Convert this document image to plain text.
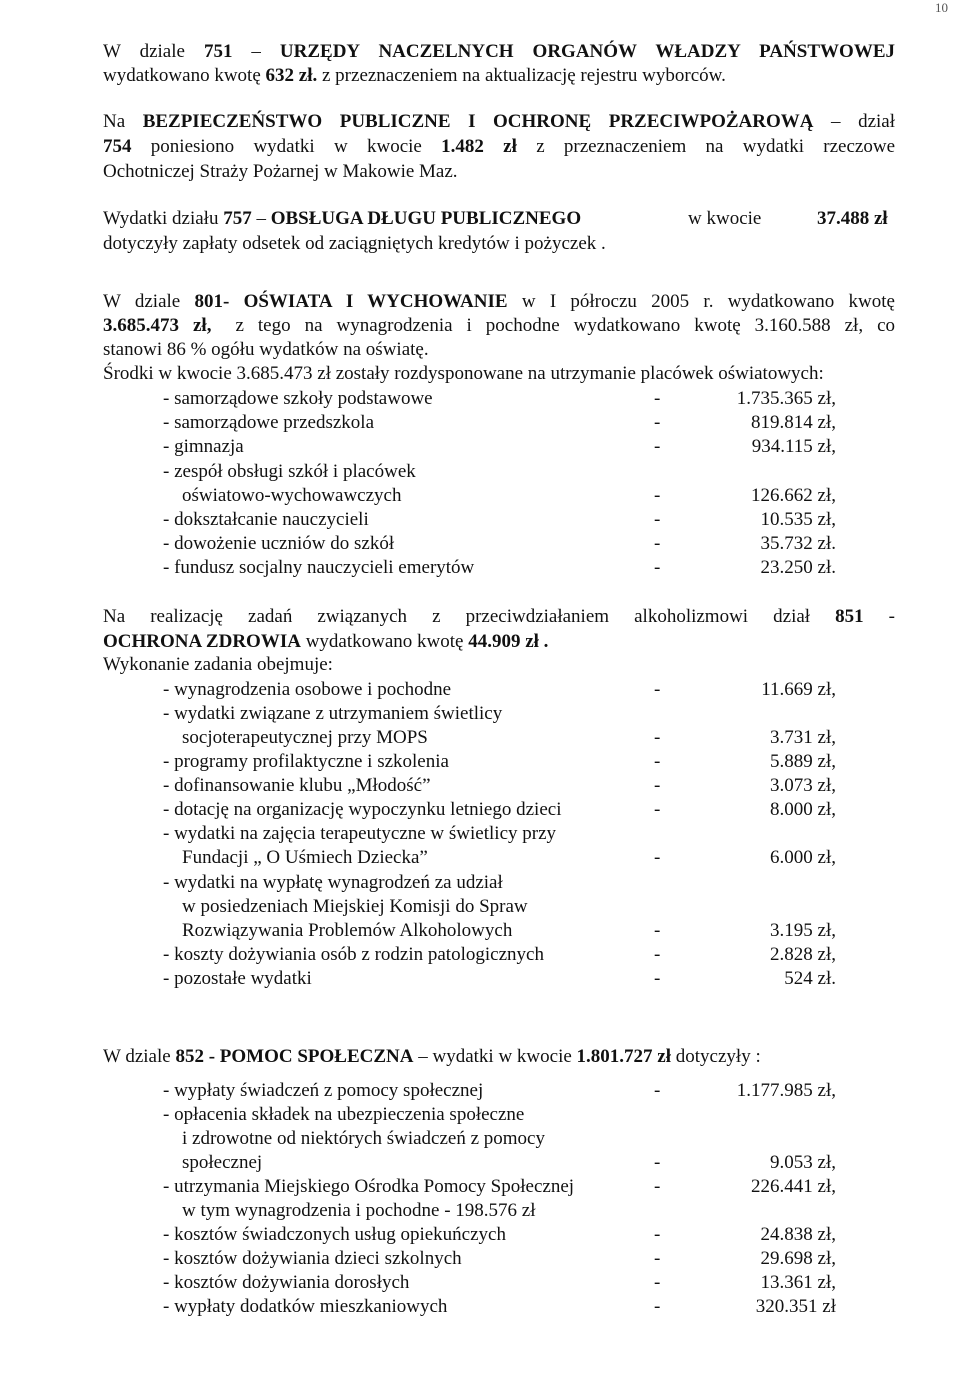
10
W dziale 751 – URZĘDY NACZELNYCH ORGANÓW WŁADZY PAŃSTWOWEJ
wydatkowano kwotę 632 zł. z przeznaczeniem na aktualizację rejestru wyborców.
Na BEZPIECZEŃSTWO PUBLICZNE I OCHRONĘ PRZECIWPOŻAROWĄ – dział
754 poniesiono wydatki w kwocie 1.482 zł z przeznaczeniem na wydatki rzeczowe
Ochotniczej Straży Pożarnej w Makowie Maz.
Wydatki działu 757 – OBSŁUGA DŁUGU PUBLICZNEGO	w kwocie	37.488 zł
dotyczyły zapłaty odsetek od zaciągniętych kredytów i pożyczek .
W dziale 801- OŚWIATA I WYCHOWANIE w I półroczu 2005 r. wydatkowano kwotę
3.685.473 zł, z tego na wynagrodzenia i pochodne wydatkowano kwotę 3.160.588 zł, co
stanowi 86 % ogółu wydatków na oświatę.
Środki w kwocie 3.685.473 zł zostały rozdysponowane na utrzymanie placówek oświatowych:
- samorządowe szkoły podstawowe	-	1.735.365 zł,
- samorządowe przedszkola	-	819.814 zł,
- gimnazja	-	934.115 zł,
- zespół obsługi szkół i placówek
oświatowo-wychowawczych	-	126.662 zł,
- dokształcanie nauczycieli	-	10.535 zł,
- dowożenie uczniów do szkół	-	35.732 zł.
- fundusz socjalny nauczycieli emerytów	-	23.250 zł.
Na realizację zadań związanych z przeciwdziałaniem alkoholizmowi dział 851 -
OCHRONA ZDROWIA wydatkowano kwotę 44.909 zł .
Wykonanie zadania obejmuje:
- wynagrodzenia osobowe i pochodne	-	11.669 zł,
- wydatki związane z utrzymaniem świetlicy
socjoterapeutycznej przy MOPS	-	3.731 zł,
- programy profilaktyczne i szkolenia	-	5.889 zł,
- dofinansowanie klubu „Młodość”	-	3.073 zł,
- dotację na organizację wypoczynku letniego dzieci	-	8.000 zł,
- wydatki na zajęcia terapeutyczne w świetlicy przy
Fundacji „ O Uśmiech Dziecka”	-	6.000 zł,
- wydatki na wypłatę wynagrodzeń za udział
w posiedzeniach Miejskiej Komisji do Spraw
Rozwiązywania Problemów Alkoholowych	-	3.195 zł,
- koszty dożywiania osób z rodzin patologicznych	-	2.828 zł,
- pozostałe wydatki	-	524 zł.
W dziale 852 - POMOC SPOŁECZNA – wydatki w kwocie 1.801.727 zł dotyczyły :
- wypłaty świadczeń z pomocy społecznej	-	1.177.985 zł,
- opłacenia składek na ubezpieczenia społeczne
i zdrowotne od niektórych świadczeń z pomocy
społecznej	-	9.053 zł,
- utrzymania Miejskiego Ośrodka Pomocy Społecznej	-	226.441 zł,
w tym wynagrodzenia i pochodne - 198.576 zł
- kosztów świadczonych usług opiekuńczych	-	24.838 zł,
- kosztów dożywiania dzieci szkolnych	-	29.698 zł,
- kosztów dożywiania dorosłych	-	13.361 zł,
- wypłaty dodatków mieszkaniowych	-	320.351 zł
